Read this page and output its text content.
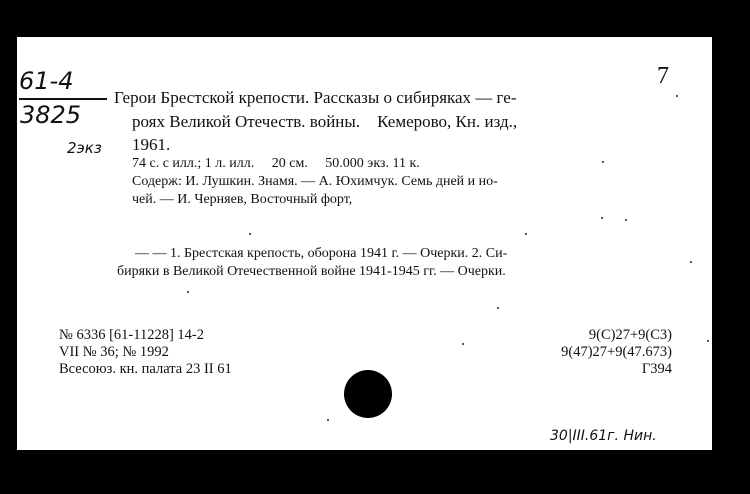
61-4
3825
2экз
7
Герои Брестской крепости. Рассказы о сибиряках — ге-
роях Великой Отечеств. войны.    Кемерово, Кн. изд.,
1961.
74 с. с илл.; 1 л. илл.     20 см.     50.000 экз. 11 к.
Содерж: И. Лушкин. Знамя. — А. Юхимчук. Семь дней и но-
чей. — И. Черняев, Восточный форт,
— — 1. Брестская крепость, оборона 1941 г. — Очерки. 2. Си-
биряки в Великой Отечественной войне 1941-1945 гг. — Очерки.
№ 6336 [61-11228] 14-2
VII № 36; № 1992
Всесоюз. кн. палата 23 II 61
9(С)27+9(С3)
9(47)27+9(47.673)
Г394
30|III.61г. Нин.
